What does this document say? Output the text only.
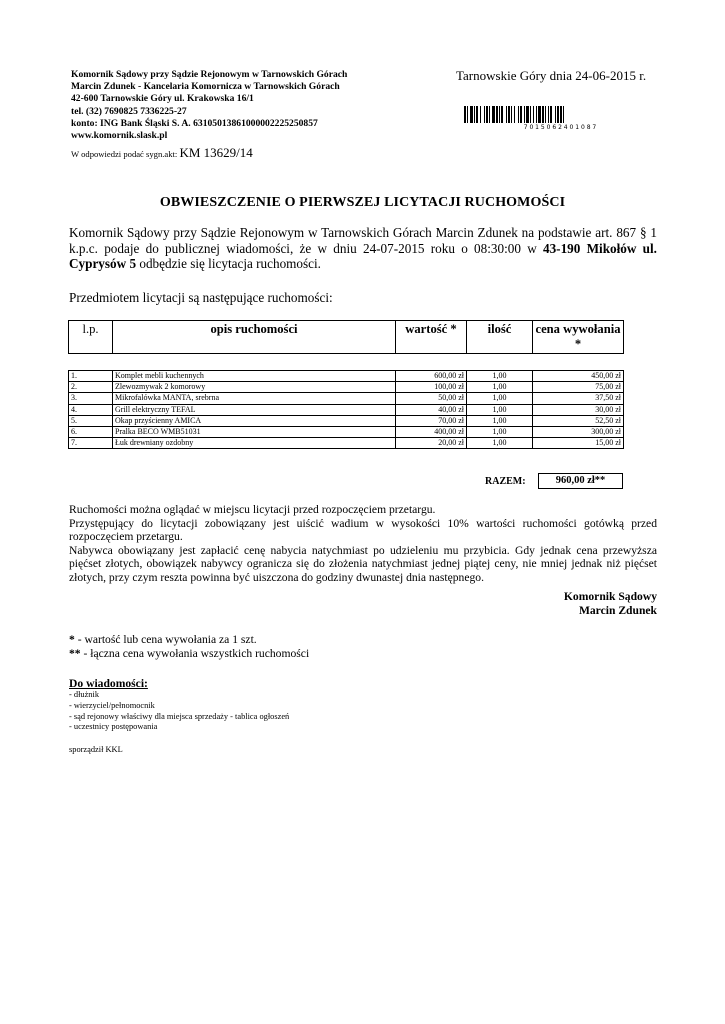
Komornik Sądowy przy Sądzie Rejonowym w Tarnowskich Górach
Marcin Zdunek - Kancelaria Komornicza w Tarnowskich Górach
42-600 Tarnowskie Góry ul. Krakowska 16/1
tel. (32) 7690825 7336225-27
konto: ING Bank Śląski S. A. 63105013861000002225250857
www.komornik.slask.pl
W odpowiedzi podać sygn.akt: KM 13629/14
Tarnowskie Góry dnia 24-06-2015 r.
7 0 1 5 0 6 2 4 0 1 0 8 7
OBWIESZCZENIE O PIERWSZEJ LICYTACJI RUCHOMOŚCI
Komornik Sądowy przy Sądzie Rejonowym w Tarnowskich Górach Marcin Zdunek na podstawie art. 867 § 1 k.p.c. podaje do publicznej wiadomości, że w dniu 24-07-2015 roku o 08:30:00 w 43-190 Mikołów ul. Cyprysów 5 odbędzie się licytacja ruchomości.
Przedmiotem licytacji są następujące ruchomości:
l.p.	opis ruchomości	wartość *	ilość	cena wywołania *
1.	Komplet mebli kuchennych	600,00 zł	1,00	450,00 zł
2.	Zlewozmywak 2 komorowy	100,00 zł	1,00	75,00 zł
3.	Mikrofalówka MANTA, srebrna	50,00 zł	1,00	37,50 zł
4.	Grill elektryczny TEFAL	40,00 zł	1,00	30,00 zł
5.	Okap przyścienny AMICA	70,00 zł	1,00	52,50 zł
6.	Pralka BECO WMB51031	400,00 zł	1,00	300,00 zł
7.	Łuk drewniany ozdobny	20,00 zł	1,00	15,00 zł
RAZEM:	960,00 zł**

Ruchomości można oglądać w miejscu licytacji przed rozpoczęciem przetargu.

Przystępujący do licytacji zobowiązany jest uiścić wadium w wysokości 10% wartości ruchomości gotówką przed rozpoczęciem przetargu.

Nabywca obowiązany jest zapłacić cenę nabycia natychmiast po udzieleniu mu przybicia. Gdy jednak cena przewyższa pięćset złotych, obowiązek nabywcy ogranicza się do złożenia natychmiast jednej piątej ceny, nie mniej jednak niż pięćset złotych, przy czym reszta powinna być uiszczona do godziny dwunastej dnia następnego.

Komornik Sądowy
Marcin Zdunek
* - wartość lub cena wywołania za 1 szt.
** - łączna cena wywołania wszystkich ruchomości
Do wiadomości:
- dłużnik
- wierzyciel/pełnomocnik
- sąd rejonowy właściwy dla miejsca sprzedaży - tablica ogłoszeń
- uczestnicy postępowania
sporządził KKL
